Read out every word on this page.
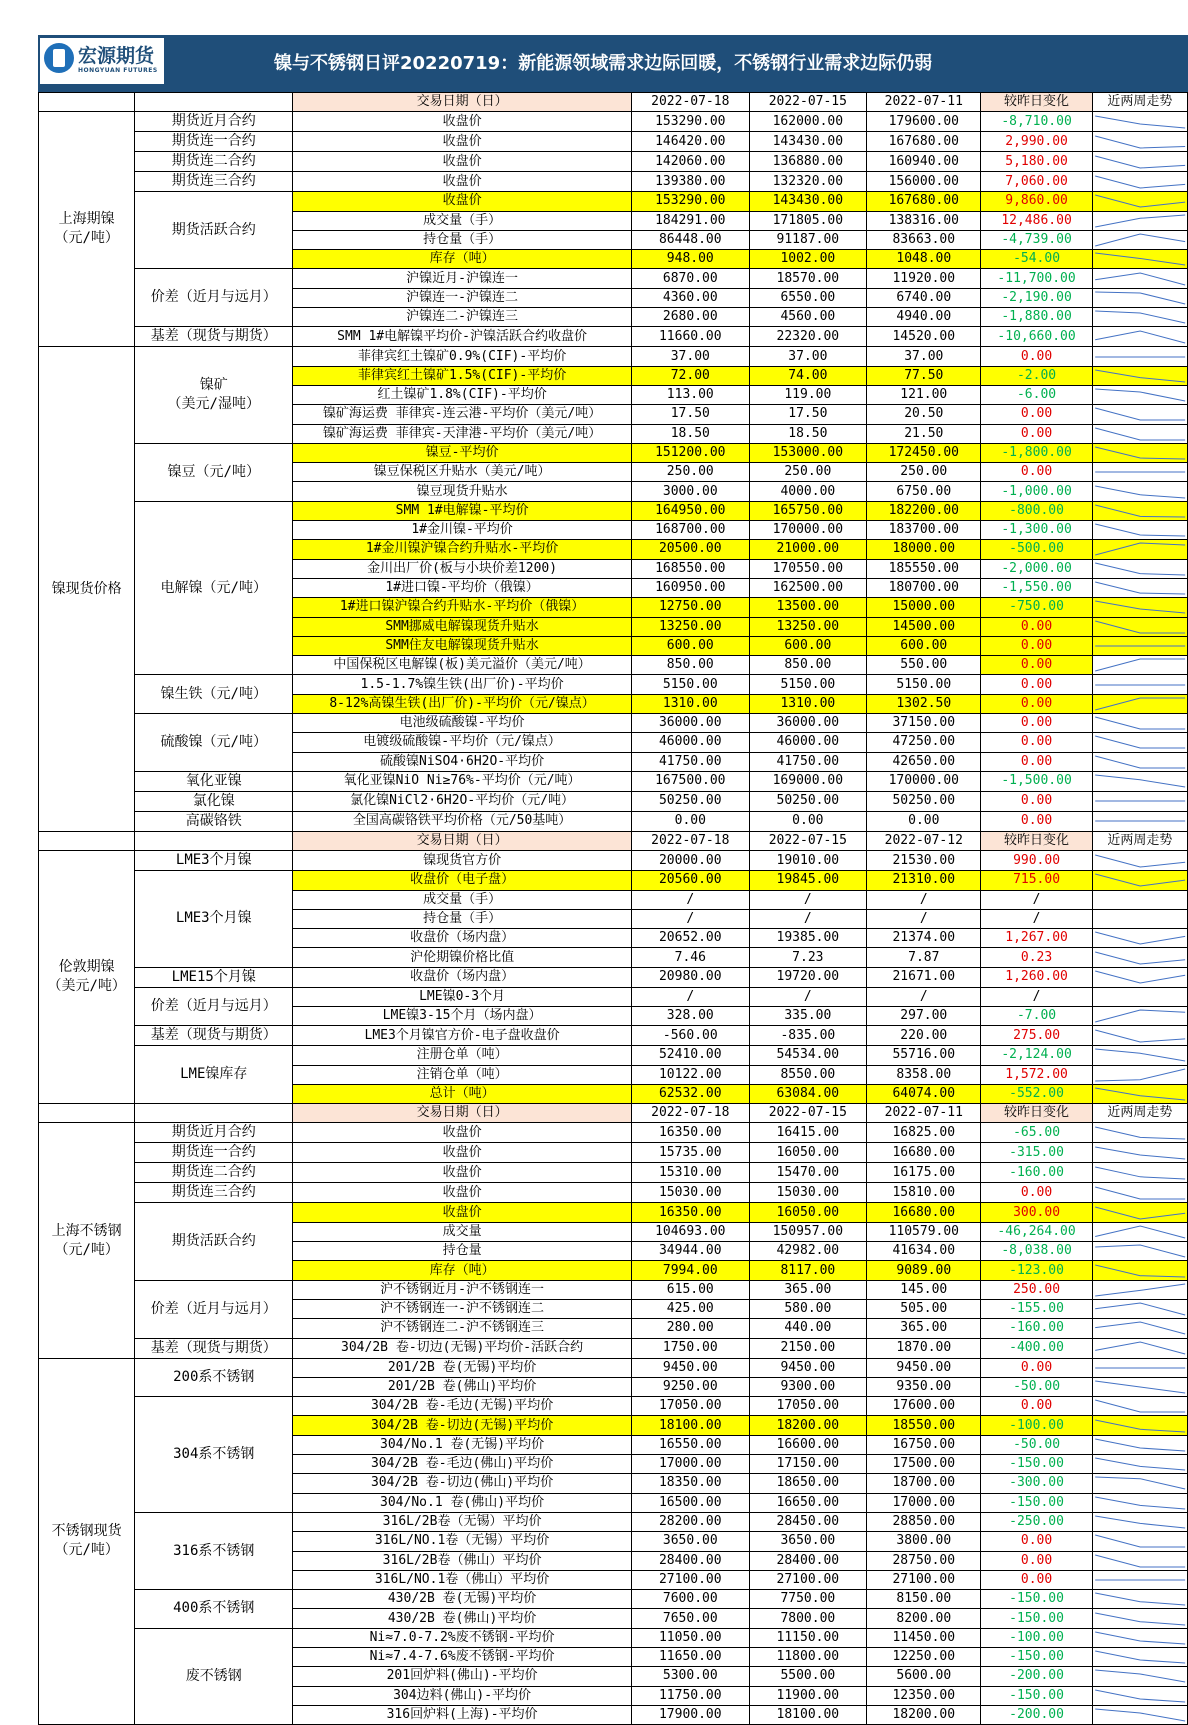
宏源期货
HONGYUAN FUTURES	镍与不锈钢日评20220719：新能源领域需求边际回暖，不锈钢行业需求边际仍弱
		交易日期（日）	2022-07-18	2022-07-15	2022-07-11	较昨日变化	近两周走势
上海期镍
（元/吨）	期货近月合约	收盘价	153290.00	162000.00	179600.00	-8,710.00	

	期货连一合约	收盘价	146420.00	143430.00	167680.00	2,990.00	

	期货连二合约	收盘价	142060.00	136880.00	160940.00	5,180.00	

	期货连三合约	收盘价	139380.00	132320.00	156000.00	7,060.00	

	期货活跃合约	收盘价	153290.00	143430.00	167680.00	9,860.00	

		成交量（手）	184291.00	171805.00	138316.00	12,486.00	

		持仓量（手）	86448.00	91187.00	83663.00	-4,739.00	

		库存（吨）	948.00	1002.00	1048.00	-54.00	

	价差（近月与远月）	沪镍近月-沪镍连一	6870.00	18570.00	11920.00	-11,700.00	

		沪镍连一-沪镍连二	4360.00	6550.00	6740.00	-2,190.00	

		沪镍连二-沪镍连三	2680.00	4560.00	4940.00	-1,880.00	

	基差（现货与期货）	SMM 1#电解镍平均价-沪镍活跃合约收盘价	11660.00	22320.00	14520.00	-10,660.00	

镍现货价格	镍矿
（美元/湿吨）	菲律宾红土镍矿0.9%(CIF)-平均价	37.00	37.00	37.00	0.00	

		菲律宾红土镍矿1.5%(CIF)-平均价	72.00	74.00	77.50	-2.00	

		红土镍矿1.8%(CIF)-平均价	113.00	119.00	121.00	-6.00	

		镍矿海运费 菲律宾-连云港-平均价（美元/吨）	17.50	17.50	20.50	0.00	

		镍矿海运费 菲律宾-天津港-平均价（美元/吨）	18.50	18.50	21.50	0.00	

	镍豆（元/吨）	镍豆-平均价	151200.00	153000.00	172450.00	-1,800.00	

		镍豆保税区升贴水（美元/吨）	250.00	250.00	250.00	0.00	

		镍豆现货升贴水	3000.00	4000.00	6750.00	-1,000.00	

	电解镍（元/吨）	SMM 1#电解镍-平均价	164950.00	165750.00	182200.00	-800.00	

		1#金川镍-平均价	168700.00	170000.00	183700.00	-1,300.00	

		1#金川镍沪镍合约升贴水-平均价	20500.00	21000.00	18000.00	-500.00	

		金川出厂价(板与小块价差1200)	168550.00	170550.00	185550.00	-2,000.00	

		1#进口镍-平均价（俄镍）	160950.00	162500.00	180700.00	-1,550.00	

		1#进口镍沪镍合约升贴水-平均价（俄镍）	12750.00	13500.00	15000.00	-750.00	

		SMM挪威电解镍现货升贴水	13250.00	13250.00	14500.00	0.00	

		SMM住友电解镍现货升贴水	600.00	600.00	600.00	0.00	

		中国保税区电解镍(板)美元溢价（美元/吨）	850.00	850.00	550.00	0.00	

	镍生铁（元/吨）	1.5-1.7%镍生铁(出厂价)-平均价	5150.00	5150.00	5150.00	0.00	

		8-12%高镍生铁(出厂价)-平均价（元/镍点）	1310.00	1310.00	1302.50	0.00	

	硫酸镍（元/吨）	电池级硫酸镍-平均价	36000.00	36000.00	37150.00	0.00	

		电镀级硫酸镍-平均价（元/镍点）	46000.00	46000.00	47250.00	0.00	

		硫酸镍NiSO4·6H2O-平均价	41750.00	41750.00	42650.00	0.00	

	氧化亚镍	氧化亚镍NiO Ni≥76%-平均价（元/吨）	167500.00	169000.00	170000.00	-1,500.00	

	氯化镍	氯化镍NiCl2·6H2O-平均价（元/吨）	50250.00	50250.00	50250.00	0.00	

	高碳铬铁	全国高碳铬铁平均价格（元/50基吨）	0.00	0.00	0.00	0.00	

		交易日期（日）	2022-07-18	2022-07-15	2022-07-12	较昨日变化	近两周走势
伦敦期镍
（美元/吨）	LME3个月镍	镍现货官方价	20000.00	19010.00	21530.00	990.00	

	LME3个月镍	收盘价（电子盘）	20560.00	19845.00	21310.00	715.00	

		成交量（手）	/	/	/	/	

		持仓量（手）	/	/	/	/	

		收盘价（场内盘）	20652.00	19385.00	21374.00	1,267.00	

		沪伦期镍价格比值	7.46	7.23	7.87	0.23	

	LME15个月镍	收盘价（场内盘）	20980.00	19720.00	21671.00	1,260.00	

	价差（近月与远月）	LME镍0-3个月	/	/	/	/	

		LME镍3-15个月（场内盘）	328.00	335.00	297.00	-7.00	

	基差（现货与期货）	LME3个月镍官方价-电子盘收盘价	-560.00	-835.00	220.00	275.00	

	LME镍库存	注册仓单（吨）	52410.00	54534.00	55716.00	-2,124.00	

		注销仓单（吨）	10122.00	8550.00	8358.00	1,572.00	

		总计（吨）	62532.00	63084.00	64074.00	-552.00	

		交易日期（日）	2022-07-18	2022-07-15	2022-07-11	较昨日变化	近两周走势
上海不锈钢
（元/吨）	期货近月合约	收盘价	16350.00	16415.00	16825.00	-65.00	

	期货连一合约	收盘价	15735.00	16050.00	16680.00	-315.00	

	期货连二合约	收盘价	15310.00	15470.00	16175.00	-160.00	

	期货连三合约	收盘价	15030.00	15030.00	15810.00	0.00	

	期货活跃合约	收盘价	16350.00	16050.00	16680.00	300.00	

		成交量	104693.00	150957.00	110579.00	-46,264.00	

		持仓量	34944.00	42982.00	41634.00	-8,038.00	

		库存（吨）	7994.00	8117.00	9089.00	-123.00	

	价差（近月与远月）	沪不锈钢近月-沪不锈钢连一	615.00	365.00	145.00	250.00	

		沪不锈钢连一-沪不锈钢连二	425.00	580.00	505.00	-155.00	

		沪不锈钢连二-沪不锈钢连三	280.00	440.00	365.00	-160.00	

	基差（现货与期货）	304/2B 卷-切边(无锡)平均价-活跃合约	1750.00	2150.00	1870.00	-400.00	

不锈钢现货
（元/吨）	200系不锈钢	201/2B 卷(无锡)平均价	9450.00	9450.00	9450.00	0.00	

		201/2B 卷(佛山)平均价	9250.00	9300.00	9350.00	-50.00	

	304系不锈钢	304/2B 卷-毛边(无锡)平均价	17050.00	17050.00	17600.00	0.00	

		304/2B 卷-切边(无锡)平均价	18100.00	18200.00	18550.00	-100.00	

		304/No.1 卷(无锡)平均价	16550.00	16600.00	16750.00	-50.00	

		304/2B 卷-毛边(佛山)平均价	17000.00	17150.00	17500.00	-150.00	

		304/2B 卷-切边(佛山)平均价	18350.00	18650.00	18700.00	-300.00	

		304/No.1 卷(佛山)平均价	16500.00	16650.00	17000.00	-150.00	

	316系不锈钢	316L/2B卷（无锡）平均价	28200.00	28450.00	28850.00	-250.00	

		316L/NO.1卷（无锡）平均价	3650.00	3650.00	3800.00	0.00	

		316L/2B卷（佛山）平均价	28400.00	28400.00	28750.00	0.00	

		316L/NO.1卷（佛山）平均价	27100.00	27100.00	27100.00	0.00	

	400系不锈钢	430/2B 卷(无锡)平均价	7600.00	7750.00	8150.00	-150.00	

		430/2B 卷(佛山)平均价	7650.00	7800.00	8200.00	-150.00	

	废不锈钢	Ni≈7.0-7.2%废不锈钢-平均价	11050.00	11150.00	11450.00	-100.00	

		Ni≈7.4-7.6%废不锈钢-平均价	11650.00	11800.00	12250.00	-150.00	

		201回炉料(佛山)-平均价	5300.00	5500.00	5600.00	-200.00	

		304边料(佛山)-平均价	11750.00	11900.00	12350.00	-150.00	

		316回炉料(上海)-平均价	17900.00	18100.00	18200.00	-200.00	
